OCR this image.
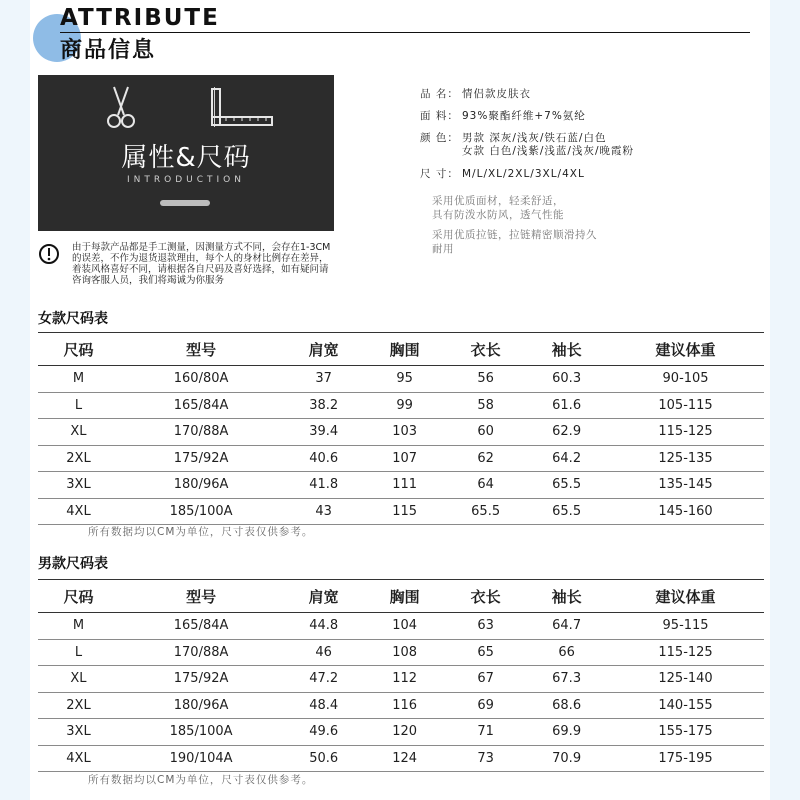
ATTRIBUTE
商品信息
属性&尺码
INTRODUCTION
由于每款产品都是手工测量，因测量方式不同，会存在1-3CM的误差，不作为退货退款理由，每个人的身材比例存在差异，着装风格喜好不同，请根据各自尺码及喜好选择，如有疑问请咨询客服人员，我们将竭诚为你服务
品 名： 情侣款皮肤衣
面 料： 93%聚酯纤维+7%氨纶
颜 色： 男款 深灰/浅灰/铁石蓝/白色
女款 白色/浅紫/浅蓝/浅灰/晚霞粉
尺 寸： M/L/XL/2XL/3XL/4XL
采用优质面材，轻柔舒适，
具有防泼水防风，透气性能
采用优质拉链，拉链精密顺滑持久
耐用
女款尺码表
尺码	型号	肩宽	胸围	衣长	袖长	建议体重
M	160/80A	37	95	56	60.3	90-105
L	165/84A	38.2	99	58	61.6	105-115
XL	170/88A	39.4	103	60	62.9	115-125
2XL	175/92A	40.6	107	62	64.2	125-135
3XL	180/96A	41.8	111	64	65.5	135-145
4XL	185/100A	43	115	65.5	65.5	145-160
所有数据均以CM为单位，尺寸表仅供参考。
男款尺码表
尺码	型号	肩宽	胸围	衣长	袖长	建议体重
M	165/84A	44.8	104	63	64.7	95-115
L	170/88A	46	108	65	66	115-125
XL	175/92A	47.2	112	67	67.3	125-140
2XL	180/96A	48.4	116	69	68.6	140-155
3XL	185/100A	49.6	120	71	69.9	155-175
4XL	190/104A	50.6	124	73	70.9	175-195
所有数据均以CM为单位，尺寸表仅供参考。
